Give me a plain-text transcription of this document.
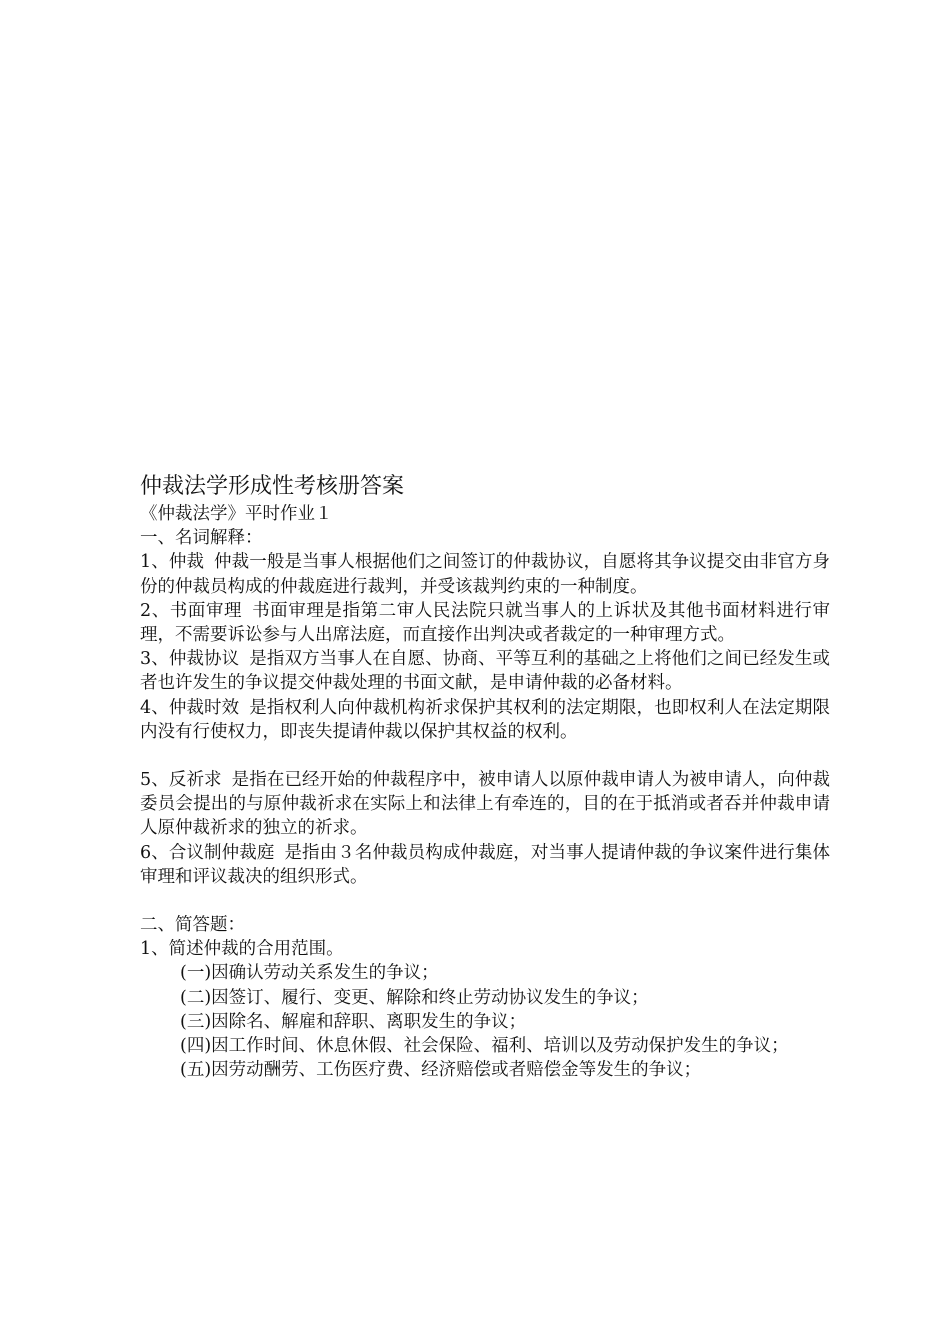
仲裁法学形成性考核册答案

《仲裁法学》平时作业１

一、名词解释：

1、仲裁 仲裁一般是当事人根据他们之间签订的仲裁协议，自愿将其争议提交由非官方身份的仲裁员构成的仲裁庭进行裁判，并受该裁判约束的一种制度。

2、书面审理 书面审理是指第二审人民法院只就当事人的上诉状及其他书面材料进行审理，不需要诉讼参与人出席法庭，而直接作出判决或者裁定的一种审理方式。

3、仲裁协议 是指双方当事人在自愿、协商、平等互利的基础之上将他们之间已经发生或者也许发生的争议提交仲裁处理的书面文献，是申请仲裁的必备材料。

4、仲裁时效 是指权利人向仲裁机构祈求保护其权利的法定期限，也即权利人在法定期限内没有行使权力，即丧失提请仲裁以保护其权益的权利。

5、反祈求 是指在已经开始的仲裁程序中，被申请人以原仲裁申请人为被申请人，向仲裁委员会提出的与原仲裁祈求在实际上和法律上有牵连的，目的在于抵消或者吞并仲裁申请人原仲裁祈求的独立的祈求。

6、合议制仲裁庭 是指由３名仲裁员构成仲裁庭，对当事人提请仲裁的争议案件进行集体审理和评议裁决的组织形式。

二、简答题：

1、简述仲裁的合用范围。

(一)因确认劳动关系发生的争议；

(二)因签订、履行、变更、解除和终止劳动协议发生的争议；

(三)因除名、解雇和辞职、离职发生的争议；

(四)因工作时间、休息休假、社会保险、福利、培训以及劳动保护发生的争议；

(五)因劳动酬劳、工伤医疗费、经济赔偿或者赔偿金等发生的争议；
